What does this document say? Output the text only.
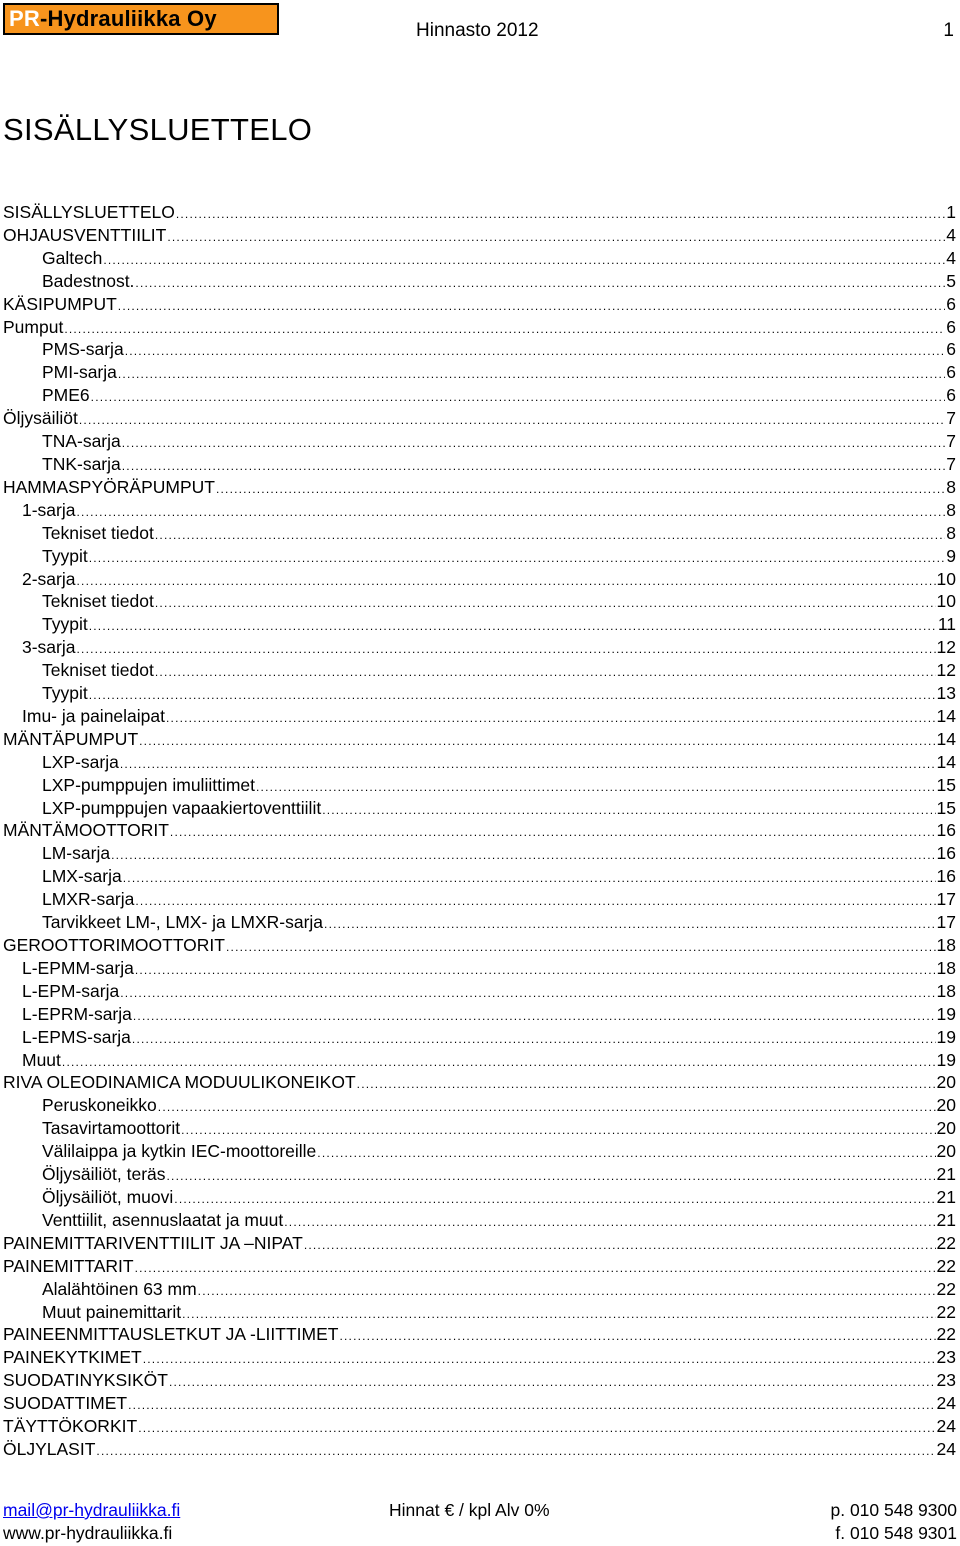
PR -Hydrauliikka Oy	Hinnasto 2012	1
SISÄLLYSLUETTELO
SISÄLLYSLUETTELO .....	1
OHJAUSVENTTIILIT .....	4
Galtech .....	4
Badestnost. .....	5
KÄSIPUMPUT .....	6
Pumput .....	6
PMS-sarja .....	6
PMI-sarja .....	6
PME6 .....	6
Öljysäiliöt .....	7
TNA-sarja .....	7
TNK-sarja .....	7
HAMMASPYÖRÄPUMPUT .....	8
1-sarja .....	8
Tekniset tiedot .....	8
Tyypit .....	9
2-sarja .....	10
Tekniset tiedot .....	10
Tyypit .....	11
3-sarja .....	12
Tekniset tiedot .....	12
Tyypit .....	13
Imu- ja painelaipat .....	14
MÄNTÄPUMPUT .....	14
LXP-sarja .....	14
LXP-pumppujen imuliittimet .....	15
LXP-pumppujen vapaakiertoventtiilit .....	15
MÄNTÄMOOTTORIT .....	16
LM-sarja .....	16
LMX-sarja .....	16
LMXR-sarja .....	17
Tarvikkeet LM-, LMX- ja LMXR-sarja .....	17
GEROOTTORIMOOTTORIT .....	18
L-EPMM-sarja .....	18
L-EPM-sarja .....	18
L-EPRM-sarja .....	19
L-EPMS-sarja .....	19
Muut .....	19
RIVA OLEODINAMICA MODUULIKONEIKOT .....	20
Peruskoneikko .....	20
Tasavirtamoottorit .....	20
Välilaippa ja kytkin IEC-moottoreille .....	20
Öljysäiliöt, teräs .....	21
Öljysäiliöt, muovi .....	21
Venttiilit, asennuslaatat ja muut .....	21
PAINEMITTARIVENTTIILIT JA –NIPAT .....	22
PAINEMITTARIT .....	22
Alalähtöinen 63 mm .....	22
Muut painemittarit .....	22
PAINEENMITTAUSLETKUT JA -LIITTIMET .....	22
PAINEKYTKIMET .....	23
SUODATINYKSIKÖT .....	23
SUODATTIMET .....	24
TÄYTTÖKORKIT .....	24
ÖLJYLASIT .....	24
mail@pr-hydrauliikka.fi	Hinnat € / kpl Alv 0%	p. 010 548 9300
www.pr-hydrauliikka.fi	f. 010 548 9301
